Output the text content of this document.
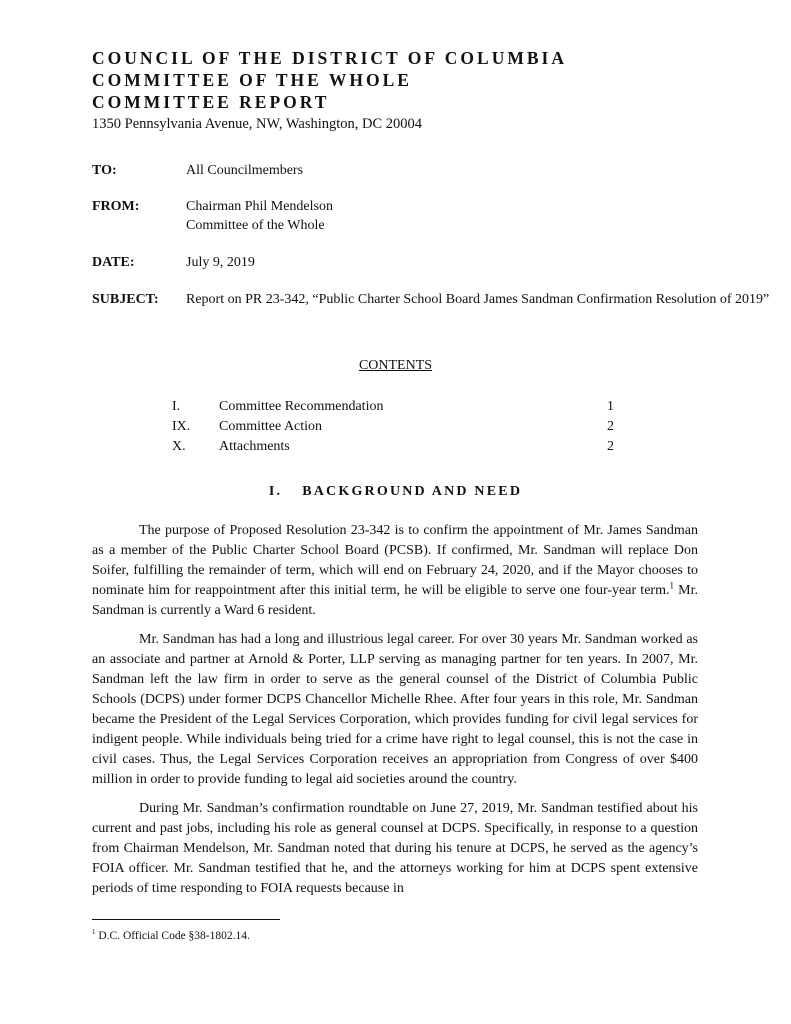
COUNCIL OF THE DISTRICT OF COLUMBIA
COMMITTEE OF THE WHOLE
COMMITTEE REPORT
1350 Pennsylvania Avenue, NW, Washington, DC 20004
TO:	All Councilmembers
FROM:	Chairman Phil Mendelson
Committee of the Whole
DATE:	July 9, 2019
SUBJECT: Report on PR 23-342, “Public Charter School Board James Sandman Confirmation Resolution of 2019”
CONTENTS
I.	Committee Recommendation .....	1
IX. Committee Action .....	2
X. Attachments .....	2
I. BACKGROUND AND NEED
The purpose of Proposed Resolution 23-342 is to confirm the appointment of Mr. James Sandman as a member of the Public Charter School Board (PCSB). If confirmed, Mr. Sandman will replace Don Soifer, fulfilling the remainder of term, which will end on February 24, 2020, and if the Mayor chooses to nominate him for reappointment after this initial term, he will be eligible to serve one four-year term.$^1$ Mr. Sandman is currently a Ward 6 resident.
Mr. Sandman has had a long and illustrious legal career. For over 30 years Mr. Sandman worked as an associate and partner at Arnold & Porter, LLP serving as managing partner for ten years. In 2007, Mr. Sandman left the law firm in order to serve as the general counsel of the District of Columbia Public Schools (DCPS) under former DCPS Chancellor Michelle Rhee. After four years in this role, Mr. Sandman became the President of the Legal Services Corporation, which provides funding for civil legal services for indigent people. While individuals being tried for a crime have right to legal counsel, this is not the case in civil cases. Thus, the Legal Services Corporation receives an appropriation from Congress of over $400 million in order to provide funding to legal aid societies around the country.
During Mr. Sandman’s confirmation roundtable on June 27, 2019, Mr. Sandman testified about his current and past jobs, including his role as general counsel at DCPS. Specifically, in response to a question from Chairman Mendelson, Mr. Sandman noted that during his tenure at DCPS, he served as the agency’s FOIA officer. Mr. Sandman testified that he, and the attorneys working for him at DCPS spent extensive periods of time responding to FOIA requests because in
$^1$ D.C. Official Code §38-1802.14.
